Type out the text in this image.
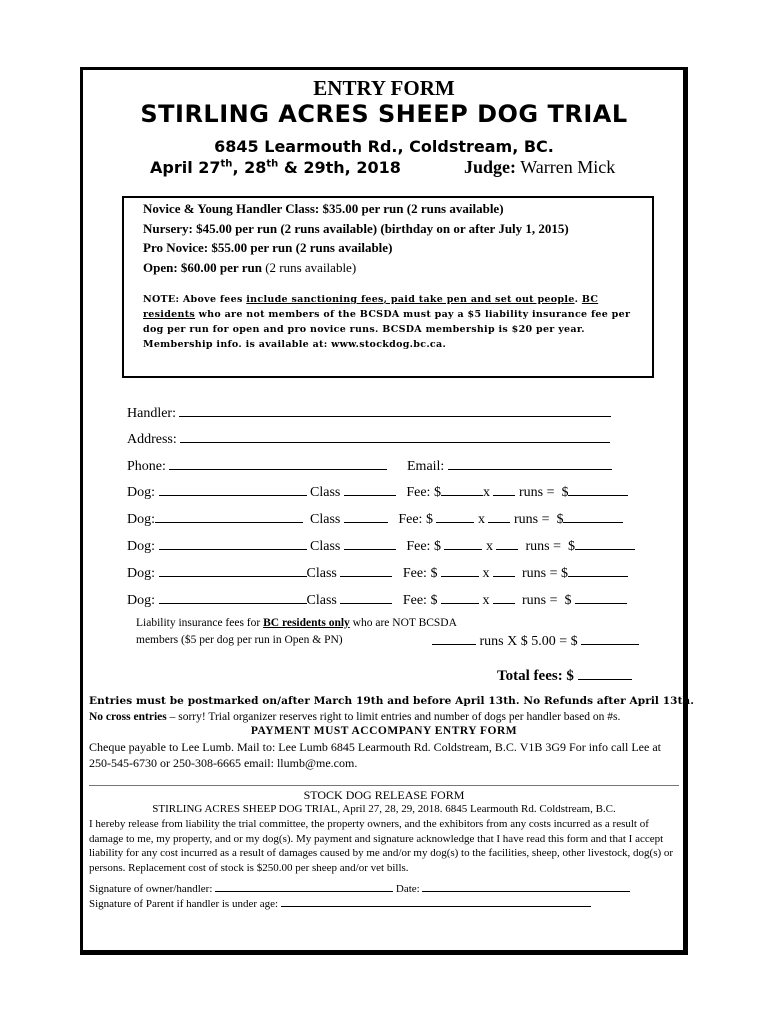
ENTRY FORM
STIRLING ACRES SHEEP DOG TRIAL
6845 Learmouth Rd., Coldstream, BC.
April 27th, 28th & 29th, 2018	Judge: Warren Mick
Novice & Young Handler Class: $35.00 per run (2 runs available)
Nursery: $45.00 per run (2 runs available) (birthday on or after July 1, 2015)
Pro Novice: $55.00 per run (2 runs available)
Open: $60.00 per run (2 runs available)
NOTE: Above fees include sanctioning fees, paid take pen and set out people. BC residents who are not members of the BCSDA must pay a $5 liability insurance fee per dog per run for open and pro novice runs. BCSDA membership is $20 per year. Membership info. is available at: www.stockdog.bc.ca.
Handler:
Address:
Phone:	Email:
Dog:	Class	Fee: $	x runs = $
Dog:	Class	Fee: $	x runs = $
Dog:	Class	Fee: $	x runs = $
Dog:	Class	Fee: $	x runs = $
Dog:	Class	Fee: $	x runs = $
Liability insurance fees for BC residents only who are NOT BCSDA
members ($5 per dog per run in Open & PN)	runs X $ 5.00 = $
Total fees: $
Entries must be postmarked on/after March 19th and before April 13th. No Refunds after April 13th.
No cross entries – sorry! Trial organizer reserves right to limit entries and number of dogs per handler based on #s.
PAYMENT MUST ACCOMPANY ENTRY FORM
Cheque payable to Lee Lumb. Mail to: Lee Lumb 6845 Learmouth Rd. Coldstream, B.C. V1B 3G9 For info call Lee at 250-545-6730 or 250-308-6665 email: llumb@me.com.
STOCK DOG RELEASE FORM
STIRLING ACRES SHEEP DOG TRIAL, April 27, 28, 29, 2018. 6845 Learmouth Rd. Coldstream, B.C.
I hereby release from liability the trial committee, the property owners, and the exhibitors from any costs incurred as a result of damage to me, my property, and or my dog(s). My payment and signature acknowledge that I have read this form and that I accept liability for any cost incurred as a result of damages caused by me and/or my dog(s) to the facilities, sheep, other livestock, dog(s) or persons. Replacement cost of stock is $250.00 per sheep and/or vet bills.
Signature of owner/handler:	Date:
Signature of Parent if handler is under age:
